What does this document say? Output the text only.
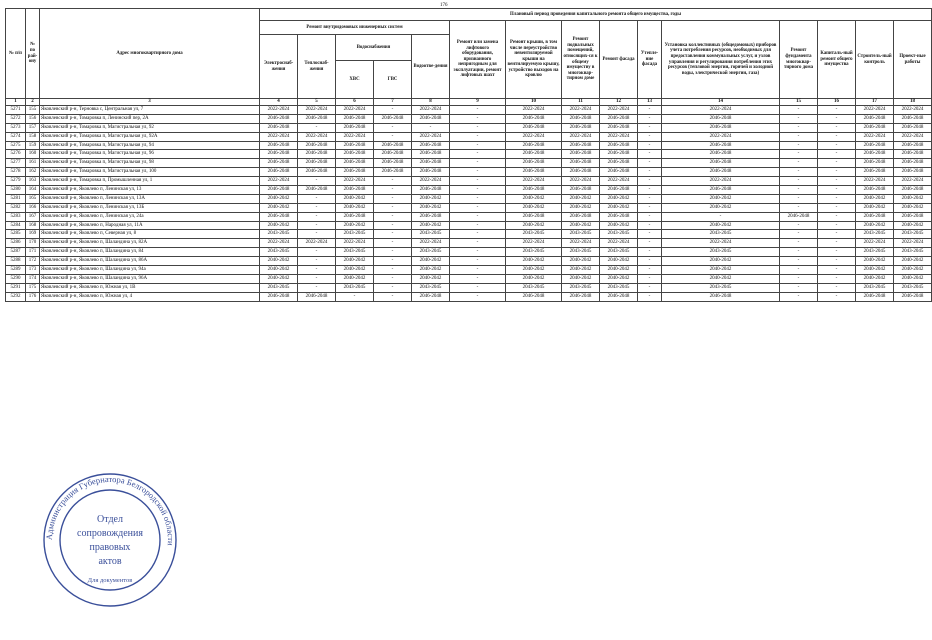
176
№ п/п	№ по рай-ону	Адрес многоквартирного дома	Плановый период проведения капитального ремонта общего имущества, годы														
			Ремонт внутридомовых инженерных систем					Ремонт или замена лифтового оборудования, признанного непригодным для эксплуатации, ремонт лифтовых шахт	Ремонт крыши, в том числе переустройство невентилируемой крыши на вентилируемую крышу, устройство выходов на кровлю	Ремонт подвальных помещений, относящих-ся к общему имуществу в многоквар-тирном доме	Ремонт фасада	Утепле-ние фасада	Установка коллективных (общедомовых) приборов учета потребления ресурсов, необходимых для предоставления коммунальных услуг, и узлов управления и регулирования потребления этих ресурсов (тепловой энергии, горячей и холодной воды, электрической энергии, газа)	Ремонт фундамента многоквар-тирного дома	Капиталь-ный ремонт общего имущества	Строитель-ный контроль	Проект-ные работы
			Электроснаб-жения	Теплоснаб-жения	Водоснабжения		Водоотве-дения										
					ХВС	ГВС											
1	2	3	4	5	6	7	8	9	10	11	12	13	14	15	16	17	18
5271	155	Яковлевский р-н, Терновка с, Центральная ул, 7	2022-2024	2022-2024	2022-2024	-	2022-2024	-	2022-2024	2022-2024	2022-2024	-	2022-2024	-	-	2022-2024	2022-2024
5272	156	Яковлевский р-н, Томаровка п, Ленинский пер, 2А	2046-2048	2046-2048	2046-2048	2046-2048	2046-2048	-	2046-2048	2046-2048	2046-2048	-	2046-2048	-	-	2046-2048	2046-2048
5273	157	Яковлевский р-н, Томаровка п, Магистральная ул, 92	2046-2048	-	2046-2048	-	-	-	2046-2048	2046-2048	2046-2048	-	2046-2048	-	-	2046-2048	2046-2048
5274	158	Яковлевский р-н, Томаровка п, Магистральная ул, 92А	2022-2024	2022-2024	2022-2024	-	2022-2024	-	2022-2024	2022-2024	2022-2024	-	2022-2024	-	-	2022-2024	2022-2024
5275	159	Яковлевский р-н, Томаровка п, Магистральная ул, 94	2046-2048	2046-2048	2046-2048	2046-2048	2046-2048	-	2046-2048	2046-2048	2046-2048	-	2046-2048	-	-	2046-2048	2046-2048
5276	160	Яковлевский р-н, Томаровка п, Магистральная ул, 96	2046-2048	2046-2048	2046-2048	2046-2048	2046-2048	-	2046-2048	2046-2048	2046-2048	-	2046-2048	-	-	2046-2048	2046-2048
5277	161	Яковлевский р-н, Томаровка п, Магистральная ул, 98	2046-2048	2046-2048	2046-2048	2046-2048	2046-2048	-	2046-2048	2046-2048	2046-2048	-	2046-2048	-	-	2046-2048	2046-2048
5278	162	Яковлевский р-н, Томаровка п, Магистральная ул, 100	2046-2048	2046-2048	2046-2048	2046-2048	2046-2048	-	2046-2048	2046-2048	2046-2048	-	2046-2048	-	-	2046-2048	2046-2048
5279	163	Яковлевский р-н, Томаровка п, Промышленная ул, 1	2022-2024	-	2022-2024	-	2022-2024	-	2022-2024	2022-2024	2022-2024	-	2022-2024	-	-	2022-2024	2022-2024
5280	164	Яковлевский р-н, Яковлево п, Ленинская ул, 13	2046-2048	2046-2048	2046-2048	-	2046-2048	-	2046-2048	2046-2048	2046-2048	-	2046-2048	-	-	2046-2048	2046-2048
5281	165	Яковлевский р-н, Яковлево п, Ленинская ул, 13А	2040-2042	-	2040-2042	-	2040-2042	-	2040-2042	2040-2042	2040-2042	-	2040-2042	-	-	2040-2042	2040-2042
5282	166	Яковлевский р-н, Яковлево п, Ленинская ул, 13Б	2040-2042	-	2040-2042	-	2040-2042	-	2040-2042	2040-2042	2040-2042	-	2040-2042	-	-	2040-2042	2040-2042
5283	167	Яковлевский р-н, Яковлево п, Ленинская ул, 24а	2046-2048	-	2046-2048	-	2046-2048	-	2046-2048	2046-2048	2046-2048	-	-	2046-2048	-	2046-2048	2046-2048
5284	168	Яковлевский р-н, Яковлево п, Народная ул, 11А	2040-2042	-	2040-2042	-	2040-2042	-	2040-2042	2040-2042	2040-2042	-	2040-2042	-	-	2040-2042	2040-2042
5285	169	Яковлевский р-н, Яковлево п, Северная ул, 8	2043-2045	-	2043-2045	-	2043-2045	-	2043-2045	2043-2045	2043-2045	-	2043-2045	-	-	2043-2045	2043-2045
5286	170	Яковлевский р-н, Яковлево п, Шаландина ул, 82А	2022-2024	2022-2024	2022-2024	-	2022-2024	-	2022-2024	2022-2024	2022-2024	-	2022-2024	-	-	2022-2024	2022-2024
5287	171	Яковлевский р-н, Яковлево п, Шаландина ул, 84	2043-2045	-	2043-2045	-	2043-2045	-	2043-2045	2043-2045	2043-2045	-	2043-2045	-	-	2043-2045	2043-2045
5288	172	Яковлевский р-н, Яковлево п, Шаландина ул, 86А	2040-2042	-	2040-2042	-	2040-2042	-	2040-2042	2040-2042	2040-2042	-	2040-2042	-	-	2040-2042	2040-2042
5289	173	Яковлевский р-н, Яковлево п, Шаландина ул, 94а	2040-2042	-	2040-2042	-	2040-2042	-	2040-2042	2040-2042	2040-2042	-	2040-2042	-	-	2040-2042	2040-2042
5290	174	Яковлевский р-н, Яковлево п, Шаландина ул, 96А	2040-2042	-	2040-2042	-	2040-2042	-	2040-2042	2040-2042	2040-2042	-	2040-2042	-	-	2040-2042	2040-2042
5291	175	Яковлевский р-н, Яковлево п, Южная ул, 1В	2043-2045	-	2043-2045	-	2043-2045	-	2043-2045	2043-2045	2043-2045	-	2043-2045	-	-	2043-2045	2043-2045
5292	176	Яковлевский р-н, Яковлево п, Южная ул, 4	2046-2048	2046-2048	-	-	2046-2048	-	2046-2048	2046-2048	2046-2048	-	2046-2048	-	-	2046-2048	2046-2048
Администрация Губернатора Белгородской области
Отдел
сопровождения
правовых
актов
Для документов
